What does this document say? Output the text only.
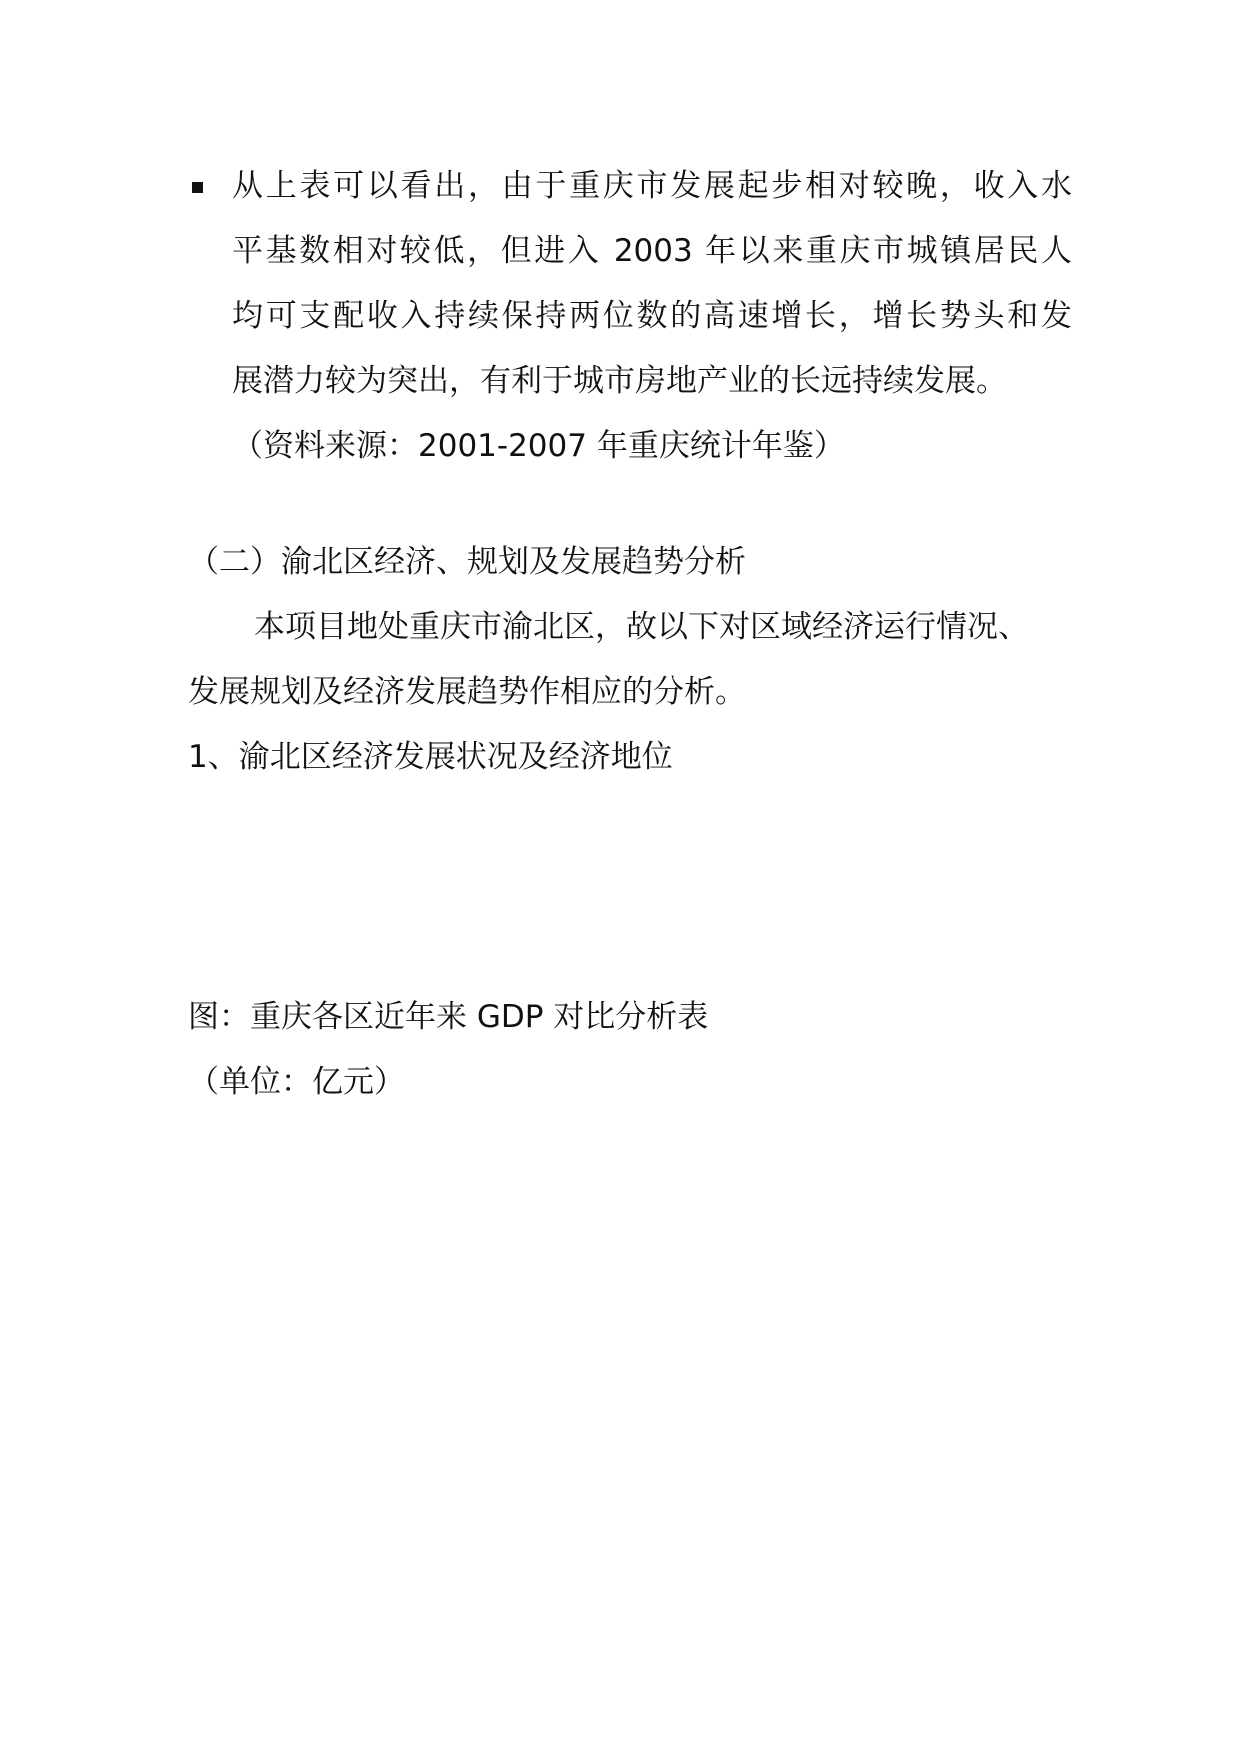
从上表可以看出，由于重庆市发展起步相对较晚，收入水
平基数相对较低，但进入 2003 年以来重庆市城镇居民人
均可支配收入持续保持两位数的高速增长，增长势头和发
展潜力较为突出，有利于城市房地产业的长远持续发展。
（资料来源：2001-2007 年重庆统计年鉴）
（二）渝北区经济、规划及发展趋势分析
本项目地处重庆市渝北区，故以下对区域经济运行情况、
发展规划及经济发展趋势作相应的分析。
1、渝北区经济发展状况及经济地位
图：重庆各区近年来 GDP 对比分析表
（单位：亿元）
